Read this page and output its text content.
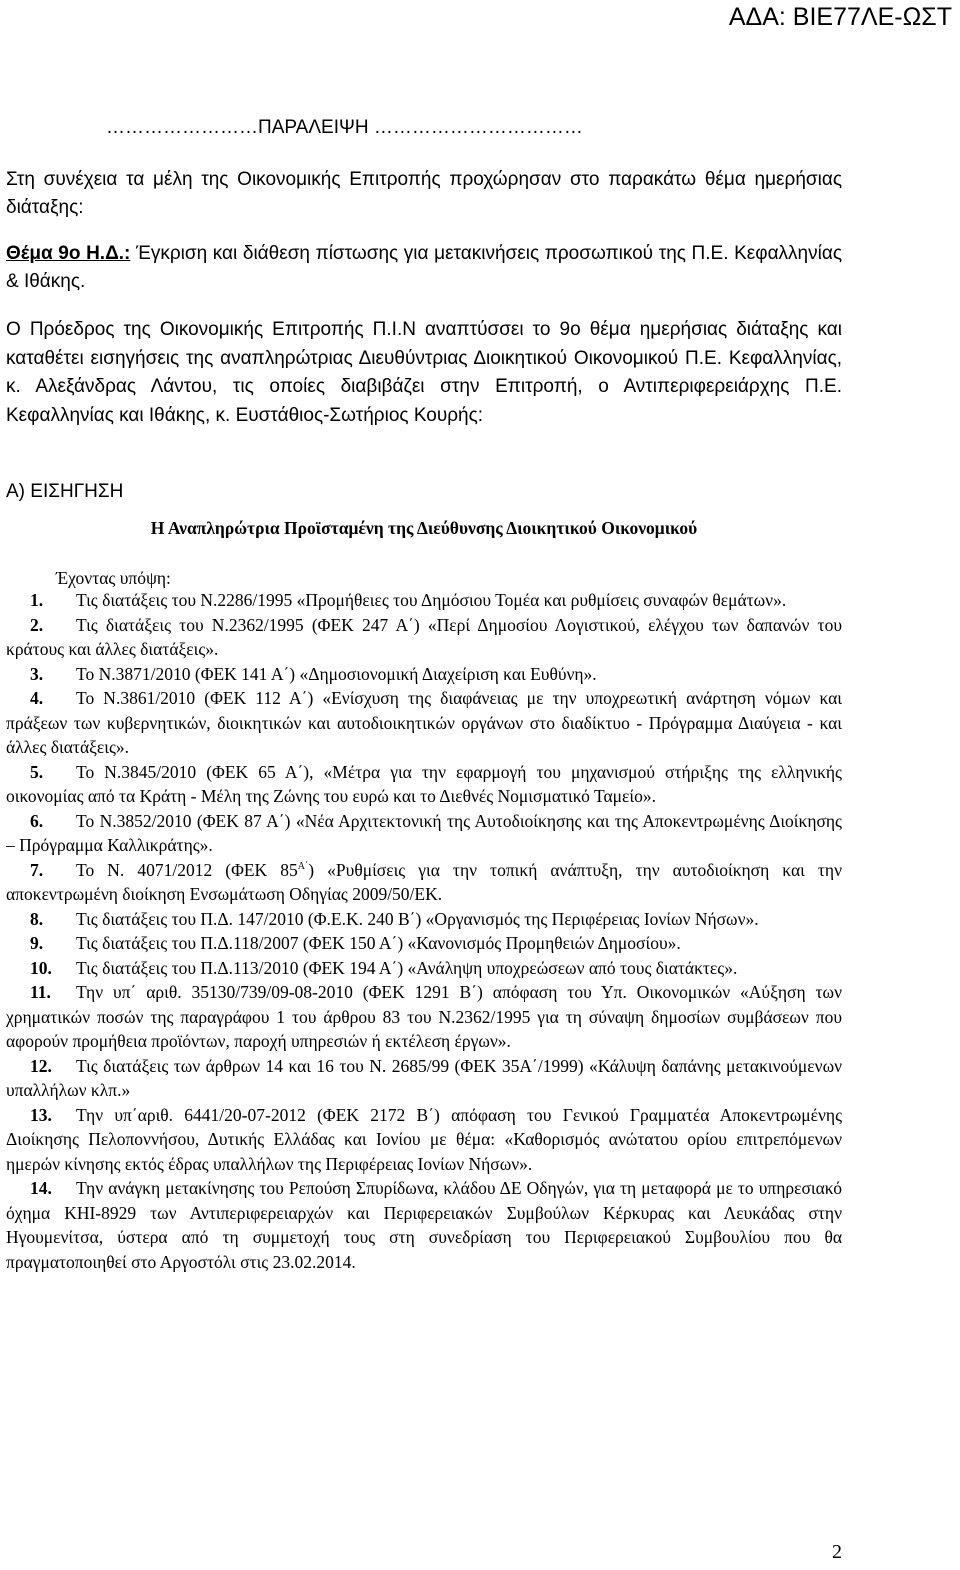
ΑΔΑ: ΒΙΕ77ΛΕ-ΩΣΤ
……………………ΠΑΡΑΛΕΙΨΗ ……………………………
Στη συνέχεια τα μέλη της Οικονομικής Επιτροπής προχώρησαν στο παρακάτω θέμα ημερήσιας διάταξης:
Θέμα 9ο Η.Δ.: Έγκριση και διάθεση πίστωσης για μετακινήσεις προσωπικού της Π.Ε. Κεφαλληνίας & Ιθάκης.
Ο Πρόεδρος της Οικονομικής Επιτροπής Π.Ι.Ν αναπτύσσει το 9ο θέμα ημερήσιας διάταξης και καταθέτει εισηγήσεις της αναπληρώτριας Διευθύντριας Διοικητικού Οικονομικού Π.Ε. Κεφαλληνίας, κ. Αλεξάνδρας Λάντου, τις οποίες διαβιβάζει στην Επιτροπή, ο Αντιπεριφερειάρχης Π.Ε. Κεφαλληνίας και Ιθάκης, κ. Ευστάθιος-Σωτήριος Κουρής:
Α) ΕΙΣΗΓΗΣΗ
Η Αναπληρώτρια Προϊσταμένη της Διεύθυνσης Διοικητικού Οικονομικού
Έχοντας υπόψη:
1. Τις διατάξεις του Ν.2286/1995 «Προμήθειες του Δημόσιου Τομέα και ρυθμίσεις συναφών θεμάτων».
2. Τις διατάξεις του Ν.2362/1995 (ΦΕΚ 247 Α΄) «Περί Δημοσίου Λογιστικού, ελέγχου των δαπανών του κράτους και άλλες διατάξεις».
3. Το Ν.3871/2010 (ΦΕΚ 141 Α΄) «Δημοσιονομική Διαχείριση και Ευθύνη».
4. Το Ν.3861/2010 (ΦΕΚ 112 Α΄) «Ενίσχυση της διαφάνειας με την υποχρεωτική ανάρτηση νόμων και πράξεων των κυβερνητικών, διοικητικών και αυτοδιοικητικών οργάνων στο διαδίκτυο - Πρόγραμμα Διαύγεια - και άλλες διατάξεις».
5. Το Ν.3845/2010 (ΦΕΚ 65 Α΄), «Μέτρα για την εφαρμογή του μηχανισμού στήριξης της ελληνικής οικονομίας από τα Κράτη - Μέλη της Ζώνης του ευρώ και το Διεθνές Νομισματικό Ταμείο».
6. Το Ν.3852/2010 (ΦΕΚ 87 Α΄) «Νέα Αρχιτεκτονική της Αυτοδιοίκησης και της Αποκεντρωμένης Διοίκησης – Πρόγραμμα Καλλικράτης».
7. Το Ν. 4071/2012 (ΦΕΚ $85^{A΄}$) «Ρυθμίσεις για την τοπική ανάπτυξη, την αυτοδιοίκηση και την αποκεντρωμένη διοίκηση Ενσωμάτωση Οδηγίας 2009/50/ΕΚ.
8. Τις διατάξεις του Π.Δ. 147/2010 (Φ.Ε.Κ. 240 Β΄) «Οργανισμός της Περιφέρειας Ιονίων Νήσων».
9. Τις διατάξεις του Π.Δ.118/2007 (ΦΕΚ 150 Α΄) «Κανονισμός Προμηθειών Δημοσίου».
10. Τις διατάξεις του Π.Δ.113/2010 (ΦΕΚ 194 Α΄) «Ανάληψη υποχρεώσεων από τους διατάκτες».
11. Την υπ΄ αριθ. 35130/739/09-08-2010 (ΦΕΚ 1291 Β΄) απόφαση του Υπ. Οικονομικών «Αύξηση των χρηματικών ποσών της παραγράφου 1 του άρθρου 83 του Ν.2362/1995 για τη σύναψη δημοσίων συμβάσεων που αφορούν προμήθεια προϊόντων, παροχή υπηρεσιών ή εκτέλεση έργων».
12. Τις διατάξεις των άρθρων 14 και 16 του Ν. 2685/99 (ΦΕΚ 35Α΄/1999) «Κάλυψη δαπάνης μετακινούμενων υπαλλήλων κλπ.»
13. Την υπ΄αριθ. 6441/20-07-2012 (ΦΕΚ 2172 Β΄) απόφαση του Γενικού Γραμματέα Αποκεντρωμένης Διοίκησης Πελοποννήσου, Δυτικής Ελλάδας και Ιονίου με θέμα: «Καθορισμός ανώτατου ορίου επιτρεπόμενων ημερών κίνησης εκτός έδρας υπαλλήλων της Περιφέρειας Ιονίων Νήσων».
14. Την ανάγκη μετακίνησης του Ρεπούση Σπυρίδωνα, κλάδου ΔΕ Οδηγών, για τη μεταφορά με το υπηρεσιακό όχημα ΚΗΙ-8929 των Αντιπεριφερειαρχών και Περιφερειακών Συμβούλων Κέρκυρας και Λευκάδας στην Ηγουμενίτσα, ύστερα από τη συμμετοχή τους στη συνεδρίαση του Περιφερειακού Συμβουλίου που θα πραγματοποιηθεί στο Αργοστόλι στις 23.02.2014.
2
